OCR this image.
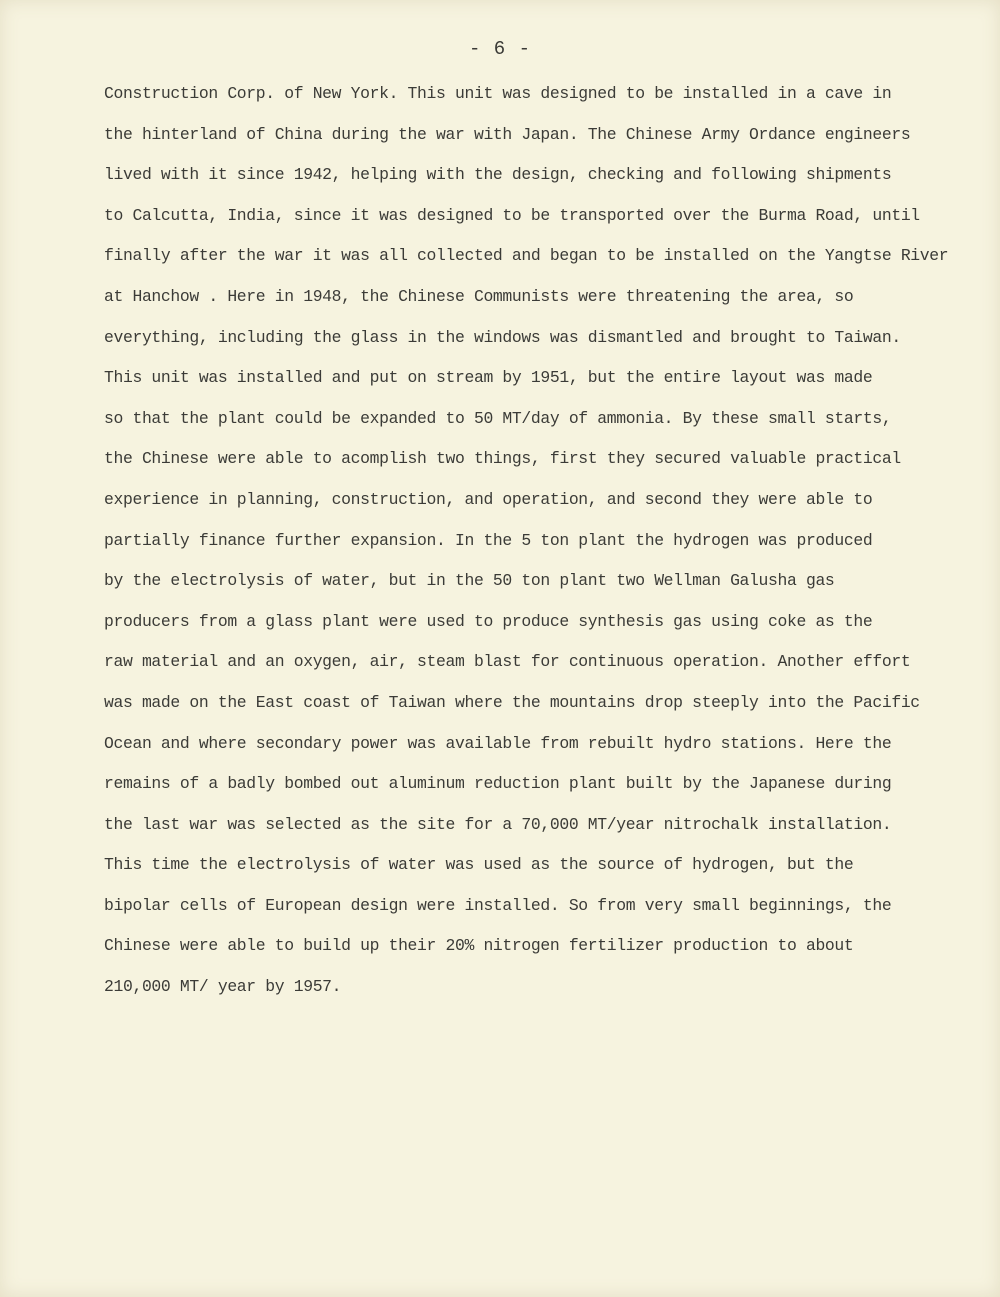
- 6 -
Construction Corp. of New York. This unit was designed to be installed in a cave in
the hinterland of China during the war with Japan. The Chinese Army Ordance engineers
lived with it since 1942, helping with the design, checking and following shipments
to Calcutta, India, since it was designed to be transported over the Burma Road, until
finally after the war it was all collected and began to be installed on the Yangtse River
at Hanchow . Here in 1948, the Chinese Communists were threatening the area, so
everything, including the glass in the windows was dismantled and brought to Taiwan.
This unit was installed and put on stream by 1951, but the entire layout was made
so that the plant could be expanded to 50 MT/day of ammonia. By these small starts,
the Chinese were able to acomplish two things, first they secured valuable practical
experience in planning, construction, and operation, and second they were able to
partially finance further expansion. In the 5 ton plant the hydrogen was produced
by the electrolysis of water, but in the 50 ton plant two Wellman Galusha gas
producers from a glass plant were used to produce synthesis gas using coke as the
raw material and an oxygen, air, steam blast for continuous operation. Another effort
was made on the East coast of Taiwan where the mountains drop steeply into the Pacific
Ocean and where secondary power was available from rebuilt hydro stations. Here the
remains of a badly bombed out aluminum reduction plant built by the Japanese during
the last war was selected as the site for a 70,000 MT/year nitrochalk installation.
This time the electrolysis of water was used as the source of hydrogen, but the
bipolar cells of European design were installed. So from very small beginnings, the
Chinese were able to build up their 20% nitrogen fertilizer production to about
210,000 MT/ year by 1957.
